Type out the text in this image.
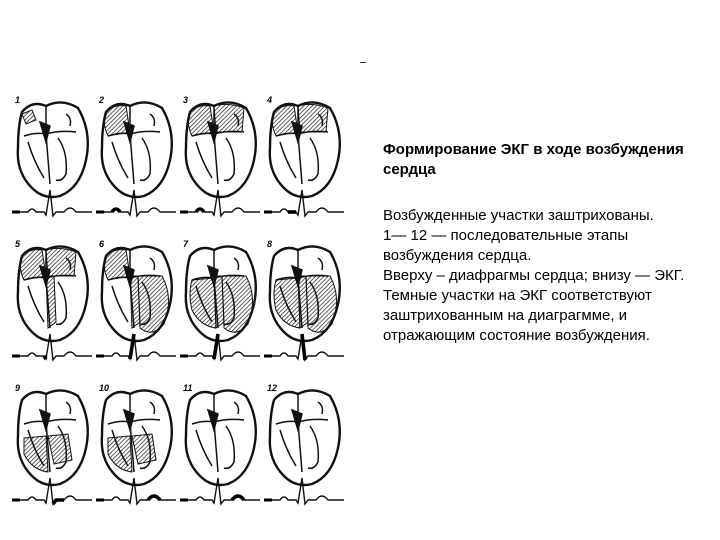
1	2	3	4
5	6	7	8
9	10	11	12
Формирование ЭКГ в ходе возбуждения сердца
Возбужденные участки заштрихованы.
1— 12 — последовательные этапы возбуждения сердца.
Вверху – диафрагмы сердца; внизу — ЭКГ.
Темные участки на ЭКГ соответствуют заштрихованным на диаграгмме, и отражающим состояние возбуждения.
